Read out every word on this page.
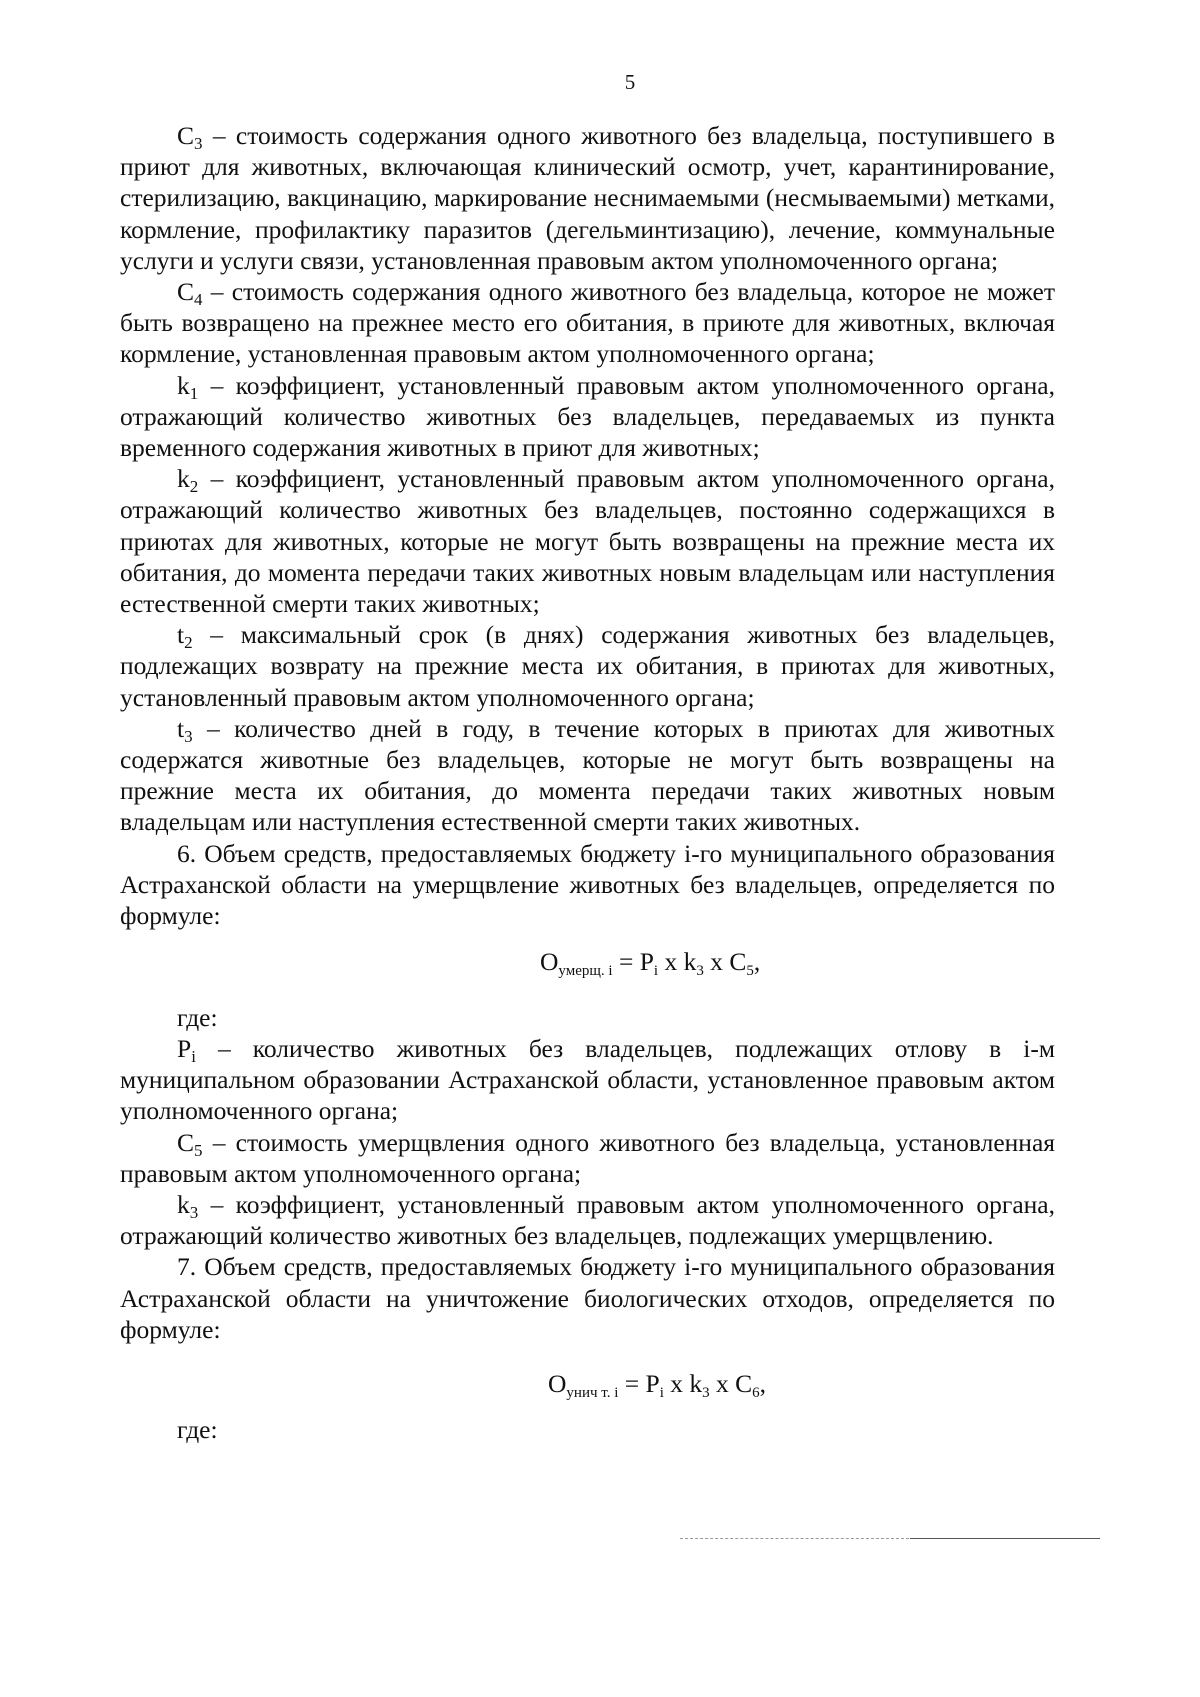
5

$C_3$ – стоимость содержания одного животного без владельца, поступившего в приют для животных, включающая клинический осмотр, учет, карантинирование, стерилизацию, вакцинацию, маркирование неснимаемыми (несмываемыми) метками, кормление, профилактику паразитов (дегельминтизацию), лечение, коммунальные услуги и услуги связи, установленная правовым актом уполномоченного органа;

$C_4$ – стоимость содержания одного животного без владельца, которое не может быть возвращено на прежнее место его обитания, в приюте для животных, включая кормление, установленная правовым актом уполномоченного органа;

$k_1$ – коэффициент, установленный правовым актом уполномоченного органа, отражающий количество животных без владельцев, передаваемых из пункта временного содержания животных в приют для животных;

$k_2$ – коэффициент, установленный правовым актом уполномоченного органа, отражающий количество животных без владельцев, постоянно содержащихся в приютах для животных, которые не могут быть возвращены на прежние места их обитания, до момента передачи таких животных новым владельцам или наступления естественной смерти таких животных;

$t_2$ – максимальный срок (в днях) содержания животных без владельцев, подлежащих возврату на прежние места их обитания, в приютах для животных, установленный правовым актом уполномоченного органа;

$t_3$ – количество дней в году, в течение которых в приютах для животных содержатся животные без владельцев, которые не могут быть возвращены на прежние места их обитания, до момента передачи таких животных новым владельцам или наступления естественной смерти таких животных.

6. Объем средств, предоставляемых бюджету i-го муниципального образования Астраханской области на умерщвление животных без владельцев, определяется по формуле:

$О_{умерщ. i} = P_i$ х $k_3$ х $C_5$,
где:

$P_i$ – количество животных без владельцев, подлежащих отлову в i-м муниципальном образовании Астраханской области, установленное правовым актом уполномоченного органа;

$C_5$ – стоимость умерщвления одного животного без владельца, установленная правовым актом уполномоченного органа;

$k_3$ – коэффициент, установленный правовым актом уполномоченного органа, отражающий количество животных без владельцев, подлежащих умерщвлению.

7. Объем средств, предоставляемых бюджету i-го муниципального образования Астраханской области на уничтожение биологических отходов, определяется по формуле:

$О_{унич т. i} = P_i$ х $k_3$ х $C_6$,
где:
